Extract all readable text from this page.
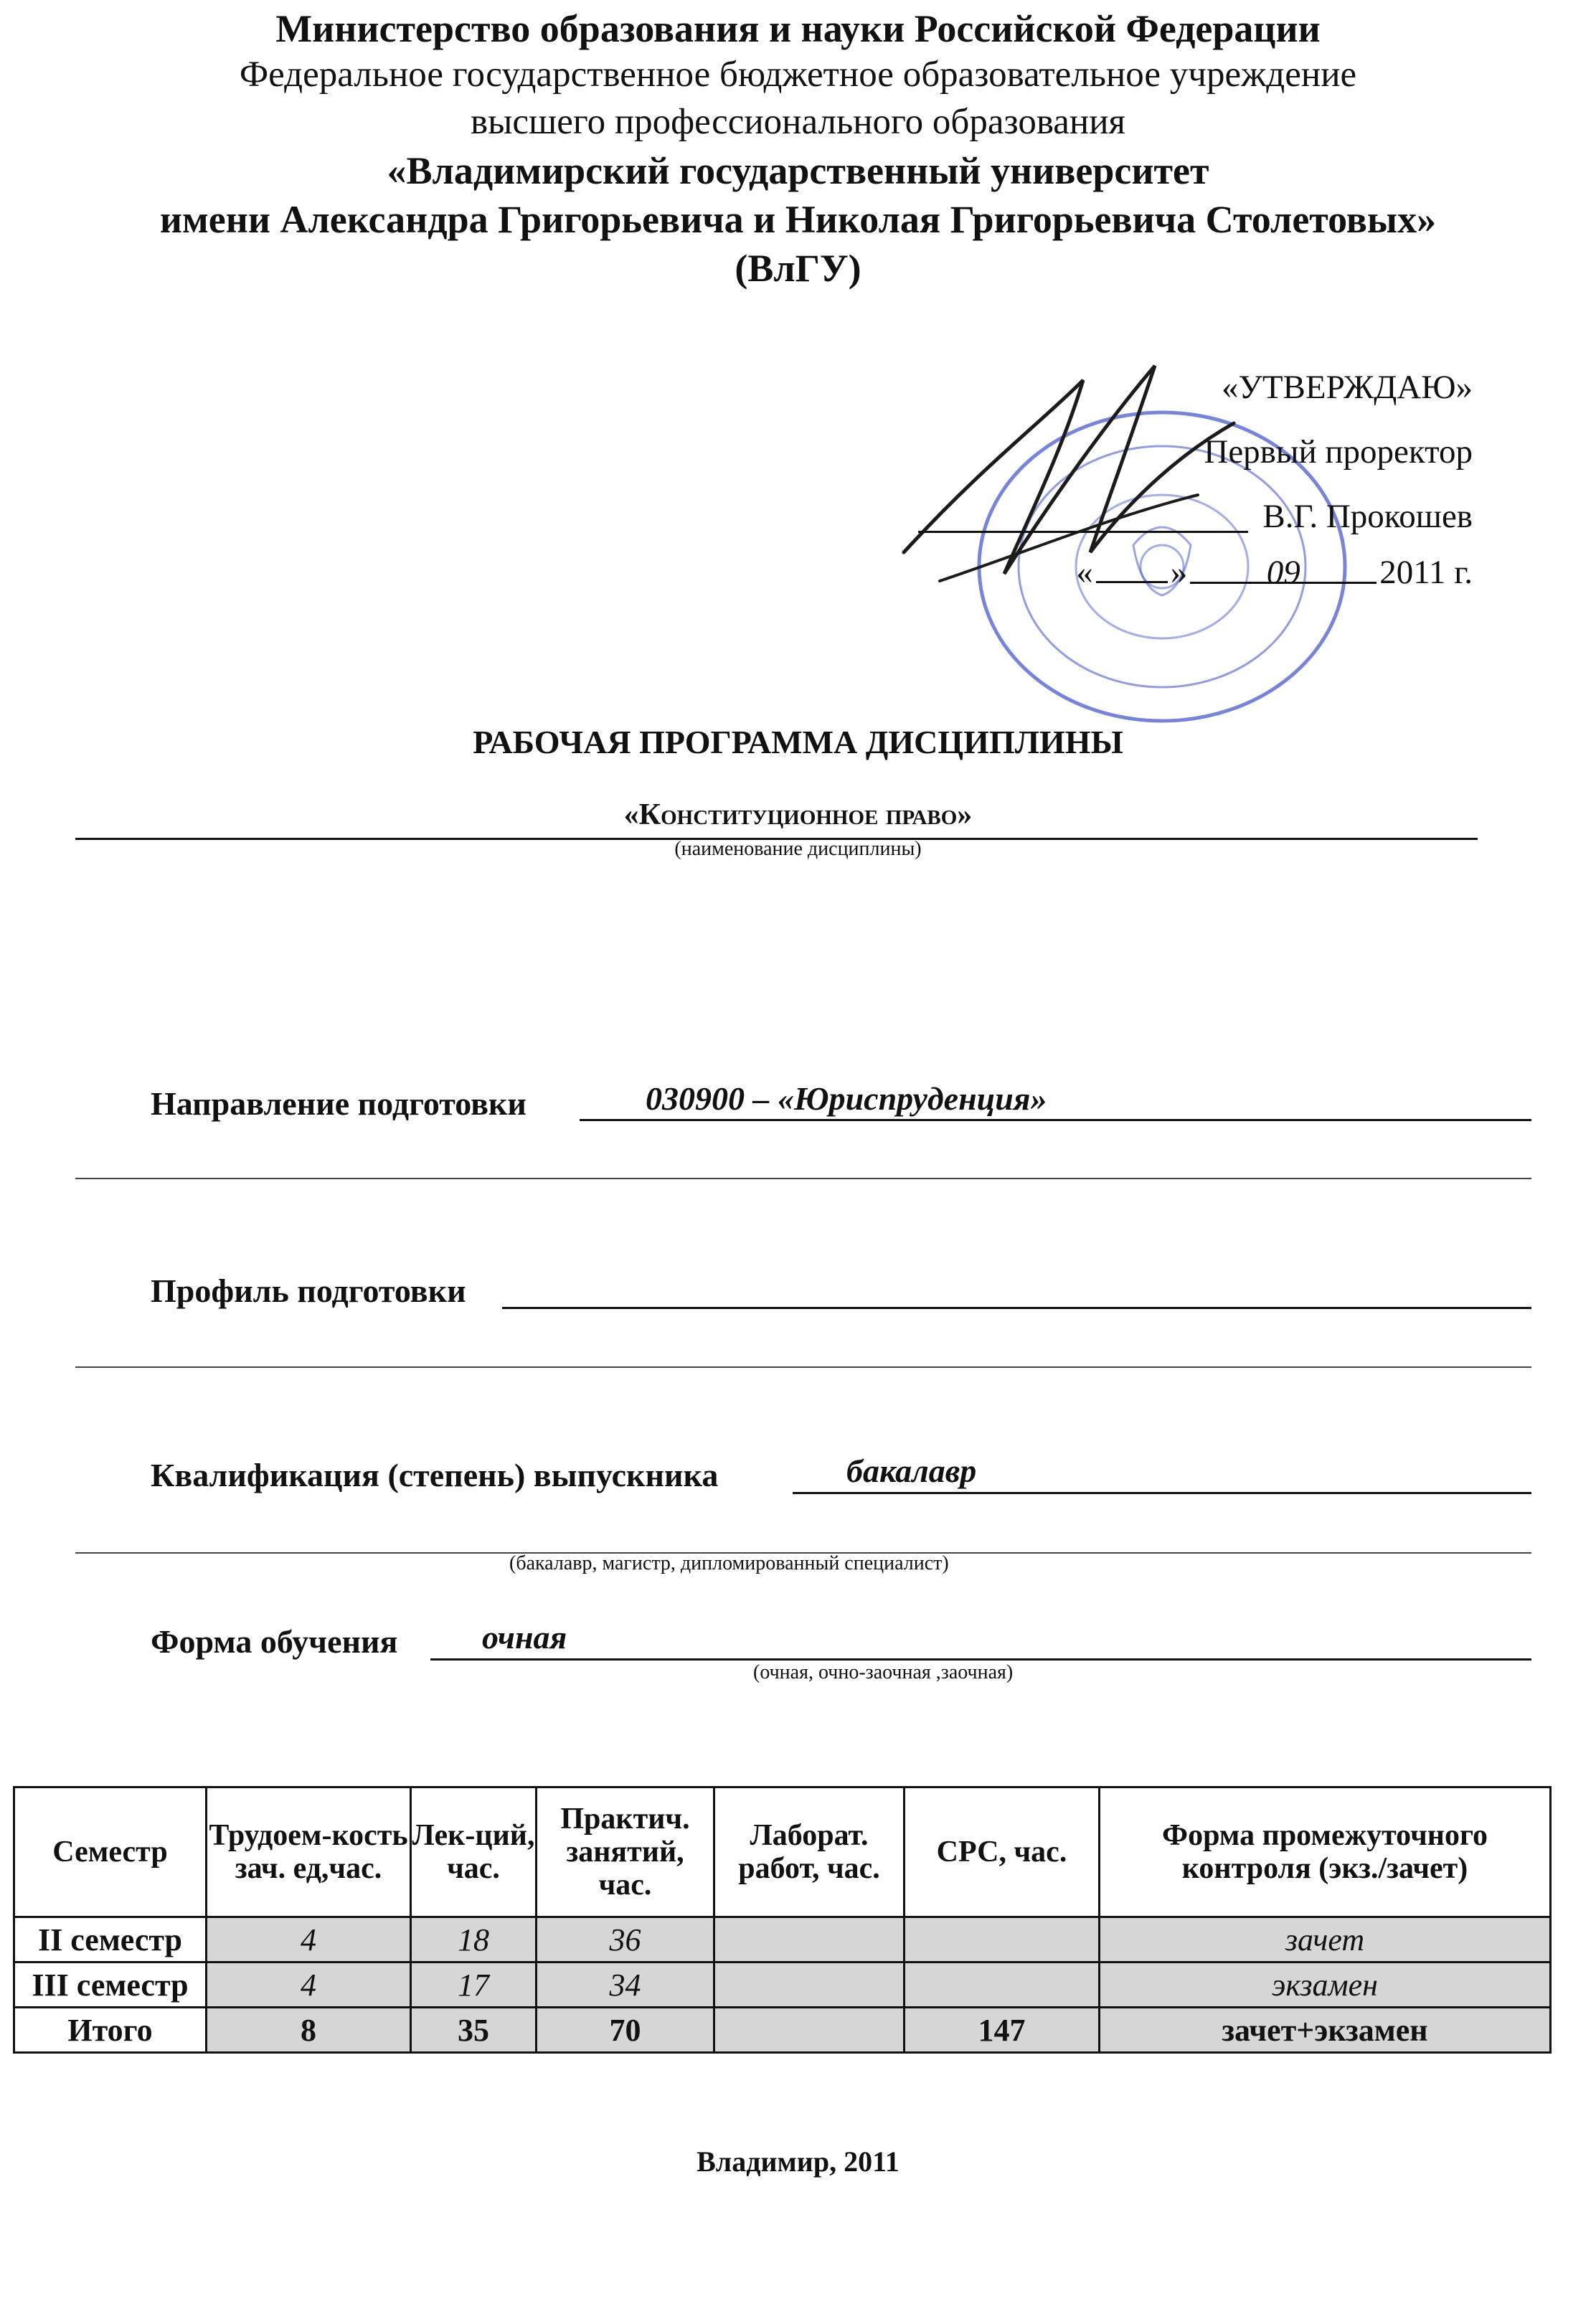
Министерство образования и науки Российской Федерации
Федеральное государственное бюджетное образовательное учреждение
высшего профессионального образования
«Владимирский государственный университет
имени Александра Григорьевича и Николая Григорьевича Столетовых»
(ВлГУ)
«УТВЕРЖДАЮ»
Первый проректор
В.Г. Прокошев
« »	09	2011 г.
РАБОЧАЯ ПРОГРАММА ДИСЦИПЛИНЫ
«Конституционное право»
(наименование дисциплины)
Направление подготовки	030900 – «Юриспруденция»
Профиль подготовки
Квалификация (степень) выпускника	бакалавр
(бакалавр, магистр, дипломированный специалист)
Форма обучения	очная
(очная, очно-заочная ,заочная)
Семестр	Трудоем-кость зач. ед,час.	Лек-ций, час.	Практич. занятий, час.	Лаборат. работ, час.	СРС, час.	Форма промежуточного контроля (экз./зачет)
II семестр	4	18	36			зачет
III семестр	4	17	34			экзамен
Итого	8	35	70		147	зачет+экзамен
Владимир, 2011
